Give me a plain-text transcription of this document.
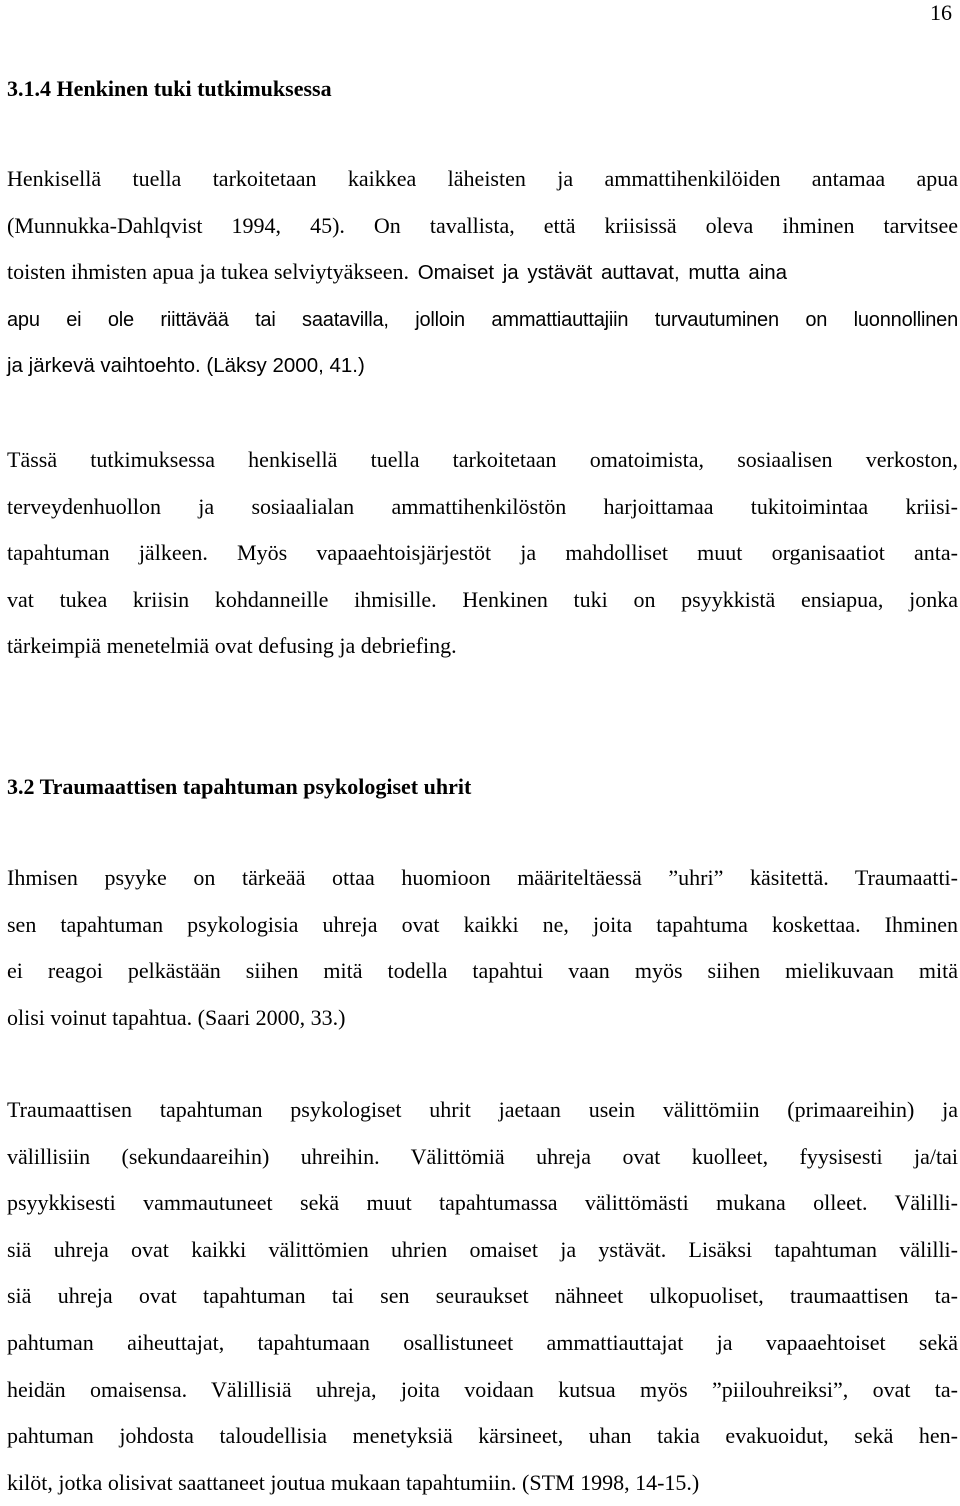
16
3.1.4 Henkinen tuki tutkimuksessa
Henkisellä tuella tarkoitetaan kaikkea läheisten ja ammattihenkilöiden antamaa apua
(Munnukka-Dahlqvist 1994, 45). On tavallista, että kriisissä oleva ihminen tarvitsee
toisten ihmisten apua ja tukea selviytyäkseen. Omaiset ja ystävät auttavat, mutta aina
apu ei ole riittävää tai saatavilla, jolloin ammattiauttajiin turvautuminen on luonnollinen
ja järkevä vaihtoehto. (Läksy 2000, 41.)
Tässä tutkimuksessa henkisellä tuella tarkoitetaan omatoimista, sosiaalisen verkoston,
terveydenhuollon ja sosiaalialan ammattihenkilöstön harjoittamaa tukitoimintaa kriisi-
tapahtuman jälkeen. Myös vapaaehtoisjärjestöt ja mahdolliset muut organisaatiot anta-
vat tukea kriisin kohdanneille ihmisille. Henkinen tuki on psyykkistä ensiapua, jonka
tärkeimpiä menetelmiä ovat defusing ja debriefing.
3.2 Traumaattisen tapahtuman psykologiset uhrit
Ihmisen psyyke on tärkeää ottaa huomioon määriteltäessä ”uhri” käsitettä. Traumaatti-
sen tapahtuman psykologisia uhreja ovat kaikki ne, joita tapahtuma koskettaa. Ihminen
ei reagoi pelkästään siihen mitä todella tapahtui vaan myös siihen mielikuvaan mitä
olisi voinut tapahtua. (Saari 2000, 33.)
Traumaattisen tapahtuman psykologiset uhrit jaetaan usein välittömiin (primaareihin) ja
välillisiin (sekundaareihin) uhreihin. Välittömiä uhreja ovat kuolleet, fyysisesti ja/tai
psyykkisesti vammautuneet sekä muut tapahtumassa välittömästi mukana olleet. Välilli-
siä uhreja ovat kaikki välittömien uhrien omaiset ja ystävät. Lisäksi tapahtuman välilli-
siä uhreja ovat tapahtuman tai sen seuraukset nähneet ulkopuoliset, traumaattisen ta-
pahtuman aiheuttajat, tapahtumaan osallistuneet ammattiauttajat ja vapaaehtoiset sekä
heidän omaisensa. Välillisiä uhreja, joita voidaan kutsua myös ”piilouhreiksi”, ovat ta-
pahtuman johdosta taloudellisia menetyksiä kärsineet, uhan takia evakuoidut, sekä hen-
kilöt, jotka olisivat saattaneet joutua mukaan tapahtumiin. (STM 1998, 14-15.)
